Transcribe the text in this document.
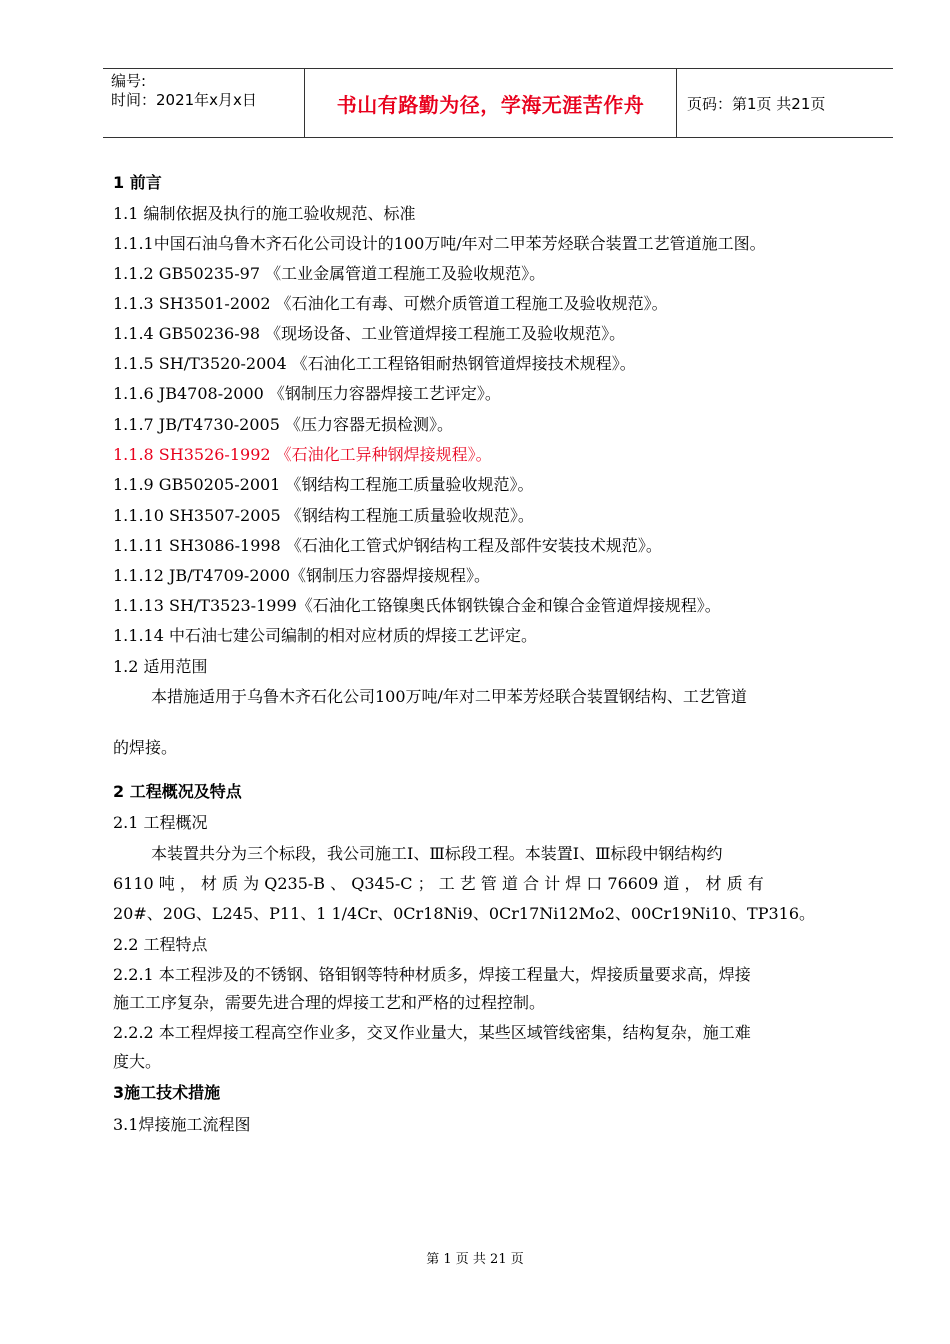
编号:
时间：2021年x月x日	书山有路勤为径，学海无涯苦作舟	页码：第1页 共21页
1 前言
1.1 编制依据及执行的施工验收规范、标准
1.1.1中国石油乌鲁木齐石化公司设计的100万吨/年对二甲苯芳烃联合装置工艺管道施工图。
1.1.2 GB50235-97 《工业金属管道工程施工及验收规范》。
1.1.3 SH3501-2002 《石油化工有毒、可燃介质管道工程施工及验收规范》。
1.1.4 GB50236-98 《现场设备、工业管道焊接工程施工及验收规范》。
1.1.5 SH/T3520-2004 《石油化工工程铬钼耐热钢管道焊接技术规程》。
1.1.6 JB4708-2000 《钢制压力容器焊接工艺评定》。
1.1.7 JB/T4730-2005 《压力容器无损检测》。
1.1.8 SH3526-1992 《石油化工异种钢焊接规程》。
1.1.9 GB50205-2001 《钢结构工程施工质量验收规范》。
1.1.10 SH3507-2005 《钢结构工程施工质量验收规范》。
1.1.11 SH3086-1998 《石油化工管式炉钢结构工程及部件安装技术规范》。
1.1.12 JB/T4709-2000《钢制压力容器焊接规程》。
1.1.13 SH/T3523-1999《石油化工铬镍奥氏体钢铁镍合金和镍合金管道焊接规程》。
1.1.14 中石油七建公司编制的相对应材质的焊接工艺评定。
1.2 适用范围
本措施适用于乌鲁木齐石化公司100万吨/年对二甲苯芳烃联合装置钢结构、工艺管道
的焊接。
2 工程概况及特点
2.1 工程概况
本装置共分为三个标段，我公司施工Ⅰ、Ⅲ标段工程。本装置Ⅰ、Ⅲ标段中钢结构约
6110 吨 ， 材 质 为 Q235-B 、 Q345-C ； 工 艺 管 道 合 计 焊 口 76609 道 ， 材 质 有
20#、20G、L245、P11、1 1/4Cr、0Cr18Ni9、0Cr17Ni12Mo2、00Cr19Ni10、TP316。
2.2 工程特点
2.2.1 本工程涉及的不锈钢、铬钼钢等特种材质多，焊接工程量大，焊接质量要求高，焊接
施工工序复杂，需要先进合理的焊接工艺和严格的过程控制。
2.2.2 本工程焊接工程高空作业多，交叉作业量大，某些区域管线密集，结构复杂，施工难
度大。
3施工技术措施
3.1焊接施工流程图
第 1 页 共 21 页
